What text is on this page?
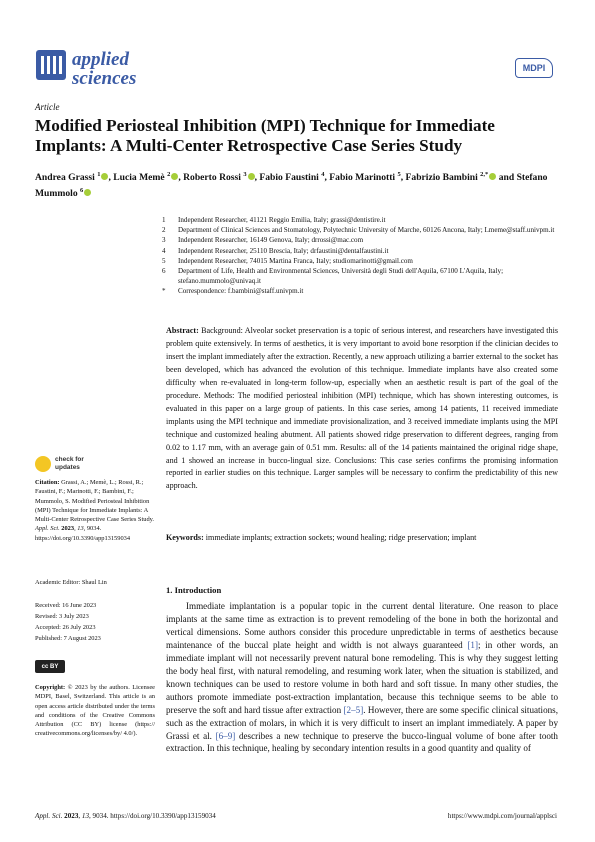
applied
sciences	MDPI
Article
Modified Periosteal Inhibition (MPI) Technique for Immediate Implants: A Multi-Center Retrospective Case Series Study
Andrea Grassi $^1$ , Lucia Memè $^2$ , Roberto Rossi $^3$ , Fabio Faustini $^4$, Fabio Marinotti $^5$, Fabrizio Bambini $^{2,*}$ and Stefano Mummolo $^6$
1	Independent Researcher, 41121 Reggio Emilia, Italy; grassi@dentistire.it
2	Department of Clinical Sciences and Stomatology, Polytechnic University of Marche, 60126 Ancona, Italy; Lmeme@staff.univpm.it
3	Independent Researcher, 16149 Genova, Italy; drrossi@mac.com
4	Independent Researcher, 25110 Brescia, Italy; drfaustini@dentalfaustini.it
5	Independent Researcher, 74015 Martina Franca, Italy; studiomarinotti@gmail.com
6	Department of Life, Health and Environmental Sciences, Università degli Studi dell'Aquila, 67100 L'Aquila, Italy; stefano.mummolo@univaq.it
*	Correspondence: f.bambini@staff.univpm.it
Abstract: Background: Alveolar socket preservation is a topic of serious interest, and researchers have investigated this problem quite extensively. In terms of aesthetics, it is very important to avoid bone resorption if the clinician decides to insert the implant immediately after the extraction. Recently, a new approach utilizing a barrier external to the socket has been developed, which has advanced the evolution of this technique. Immediate implants have also created some difficulty when re-evaluated in long-term follow-up, especially when an aesthetic result is part of the goal of the procedure. Methods: The modified periosteal inhibition (MPI) technique, which has shown interesting outcomes, is evaluated in this paper on a large group of patients. In this case series, among 14 patients, 11 received immediate implants using the MPI technique and immediate provisionalization, and 3 received immediate implants using the MPI technique and customized healing abutment. All patients showed ridge preservation to different degrees, ranging from 0.02 to 1.17 mm, with an average gain of 0.51 mm. Results: all of the 14 patients maintained the original ridge shape, and 1 showed an increase in bucco-lingual size. Conclusions: This case series confirms the promising information reported in earlier studies on this technique. Larger samples will be necessary to confirm the predictability of this new approach.
Keywords: immediate implants; extraction sockets; wound healing; ridge preservation; implant
check for
updates
Citation: Grassi, A.; Memè, L.; Rossi, R.; Faustini, F.; Marinotti, F.; Bambini, F.; Mummolo, S. Modified Periosteal Inhibition (MPI) Technique for Immediate Implants: A Multi-Center Retrospective Case Series Study. Appl. Sci. 2023, 13, 9034. https://doi.org/10.3390/app13159034
Academic Editor: Shaul Lin
Received: 16 June 2023
Revised: 3 July 2023
Accepted: 26 July 2023
Published: 7 August 2023
cc BY
Copyright: © 2023 by the authors. Licensee MDPI, Basel, Switzerland. This article is an open access article distributed under the terms and conditions of the Creative Commons Attribution (CC BY) license (https:// creativecommons.org/licenses/by/ 4.0/).
1. Introduction
Immediate implantation is a popular topic in the current dental literature. One reason to place implants at the same time as extraction is to prevent remodeling of the bone in both the horizontal and vertical dimensions. Some authors consider this procedure unpredictable in terms of aesthetics because maintenance of the buccal plate height and width is not always guaranteed [1]; in other words, an immediate implant will not necessarily prevent natural bone remodeling. This is why they suggest letting the body heal first, with natural remodeling, and resuming work later, when the situation is stabilized, and known techniques can be used to restore volume in both hard and soft tissue. In many other studies, the authors promote immediate post-extraction implantation, because this technique seems to be able to preserve the soft and hard tissue after extraction [2–5]. However, there are some specific clinical situations, such as the extraction of molars, in which it is very difficult to insert an implant immediately. A paper by Grassi et al. [6–9] describes a new technique to preserve the bucco-lingual volume of bone after tooth extraction. In this technique, healing by secondary intention results in a good quantity and quality of
Appl. Sci. 2023, 13, 9034. https://doi.org/10.3390/app13159034	https://www.mdpi.com/journal/applsci
